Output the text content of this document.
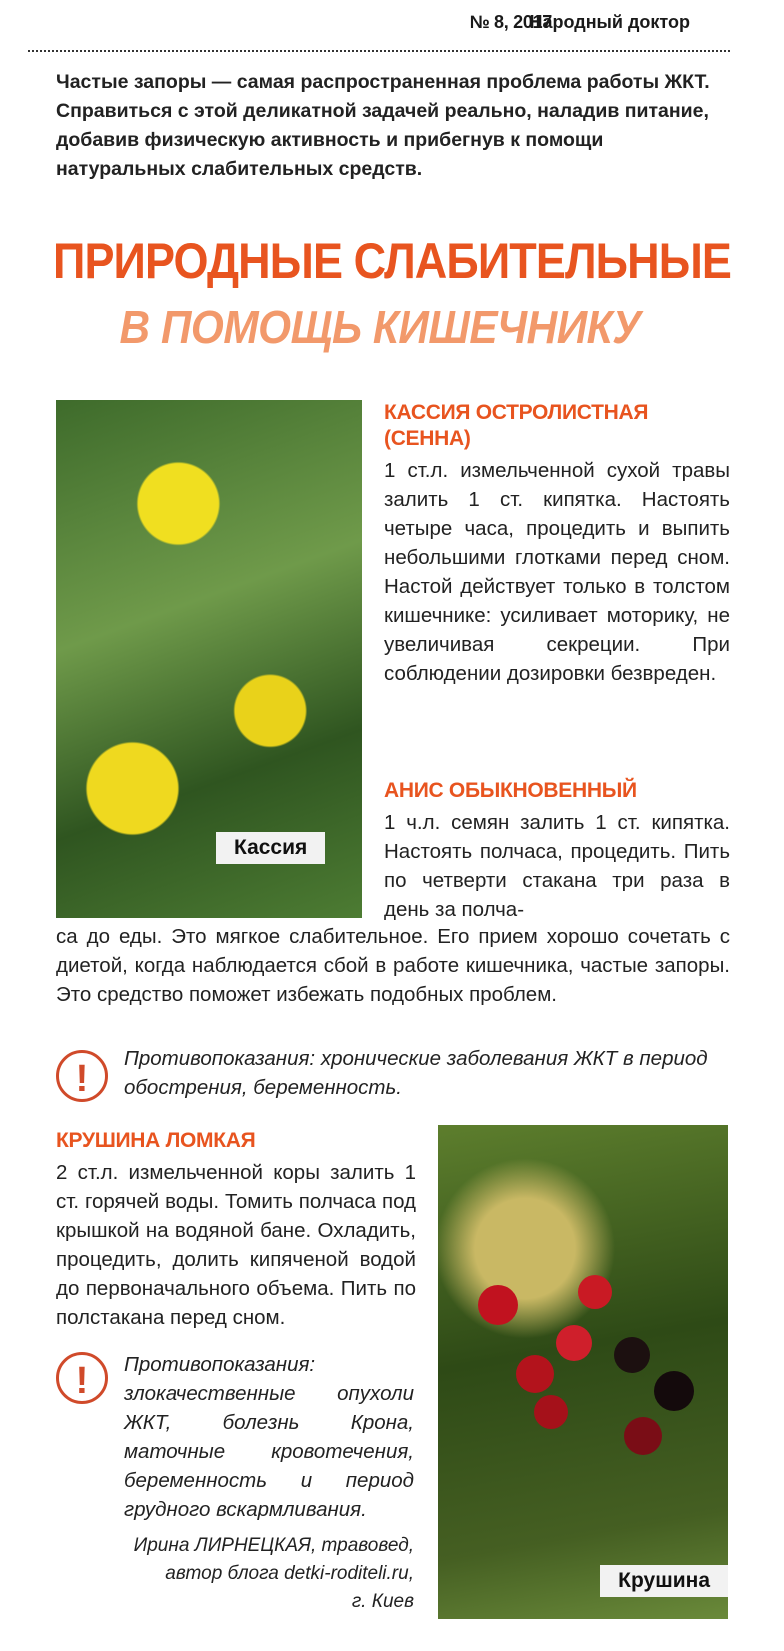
№ 8, 2017
Народный доктор
Частые запоры — самая распространенная проблема работы ЖКТ. Справиться с этой деликатной задачей реально, наладив питание, добавив физическую активность и прибегнув к помощи натуральных слабительных средств.
ПРИРОДНЫЕ СЛАБИТЕЛЬНЫЕ
В ПОМОЩЬ КИШЕЧНИКУ
Кассия
КАССИЯ ОСТРОЛИСТНАЯ (СЕННА)
1 ст.л. измельченной сухой травы залить 1 ст. кипятка. Настоять четыре часа, процедить и выпить небольшими глотками перед сном. Настой действует только в толстом кишечнике: усиливает моторику, не увеличивая секреции. При соблюдении дозировки безвреден.
АНИС ОБЫКНОВЕННЫЙ
1 ч.л. семян залить 1 ст. кипятка. Настоять полчаса, процедить. Пить по четверти стакана три раза в день за полча-
са до еды. Это мягкое слабительное. Его прием хорошо сочетать с диетой, когда наблюдается сбой в работе кишечника, частые запоры. Это средство поможет избежать подобных проблем.
!	Противопоказания: хронические заболевания ЖКТ в период обострения, беременность.
КРУШИНА ЛОМКАЯ
2 ст.л. измельченной коры залить 1 ст. горячей воды. Томить полчаса под крышкой на водяной бане. Охладить, процедить, долить кипяченой водой до первоначального объема. Пить по полстакана перед сном.
!	Противопоказания: злокачественные опухоли ЖКТ, болезнь Крона, маточные кровотечения, беременность и период грудного вскармливания.
Ирина ЛИРНЕЦКАЯ, травовед,
автор блога detki-roditeli.ru,
г. Киев
Крушина
